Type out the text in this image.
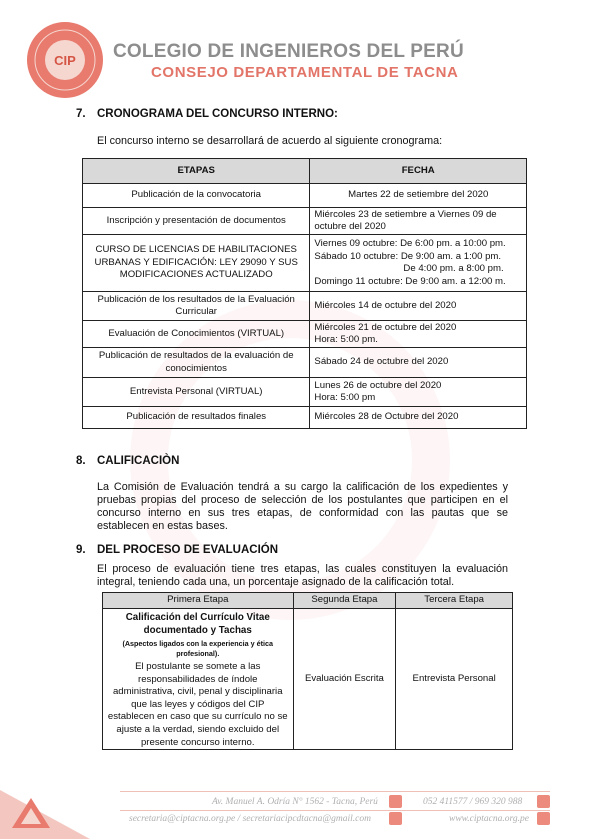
CIP COLEGIO DE INGENIEROS DEL PERÚ
CONSEJO DEPARTAMENTAL DE TACNA
7. CRONOGRAMA DEL CONCURSO INTERNO:
El concurso interno se desarrollará de acuerdo al siguiente cronograma:
ETAPAS	FECHA
Publicación de la convocatoria	Martes 22 de setiembre del 2020
Inscripción y presentación de documentos	Miércoles 23 de setiembre a Viernes 09 de
octubre del 2020

CURSO DE LICENCIAS DE HABILITACIONES URBANAS Y EDIFICACIÓN: LEY 29090 Y SUS MODIFICACIONES ACTUALIZADO	Viernes 09 octubre: De 6:00 pm. a 10:00 pm.
Sábado 10 octubre: De 9:00 am. a 1:00 pm.
De 4:00 pm. a 8:00 pm.
Domingo 11 octubre: De 9:00 am. a 12:00 m.

Publicación de los resultados de la Evaluación Curricular	Miércoles 14 de octubre del 2020
Evaluación de Conocimientos (VIRTUAL)	Miércoles 21 de octubre del 2020
Hora: 5:00 pm.

Publicación de resultados de la evaluación de conocimientos	Sábado 24 de octubre del 2020
Entrevista Personal (VIRTUAL)	Lunes 26 de octubre del 2020
Hora: 5:00 pm

Publicación de resultados finales	Miércoles 28 de Octubre del 2020
8. CALIFICACIÒN
La Comisión de Evaluación tendrá a su cargo la calificación de los expedientes y pruebas propias del proceso de selección de los postulantes que participen en el concurso interno en sus tres etapas, de conformidad con las pautas que se establecen en estas bases.
9. DEL PROCESO DE EVALUACIÓN
El proceso de evaluación tiene tres etapas, las cuales constituyen la evaluación integral, teniendo cada una, un porcentaje asignado de la calificación total.
Primera Etapa	Segunda Etapa	Tercera Etapa

Calificación del Currículo Vitae documentado y Tachas
(Aspectos ligados con la experiencia y ética profesional).
El postulante se somete a las responsabilidades de índole administrativa, civil, penal y disciplinaria que las leyes y códigos del CIP establecen en caso que su currículo no se ajuste a la verdad, siendo excluido del presente concurso interno.	Evaluación Escrita	Entrevista Personal
Av. Manuel A. Odría N° 1562 - Tacna, Perú	052 411577 / 969 320 988
secretaria@ciptacna.org.pe / secretariacipcdtacna@gmail.com	www.ciptacna.org.pe
